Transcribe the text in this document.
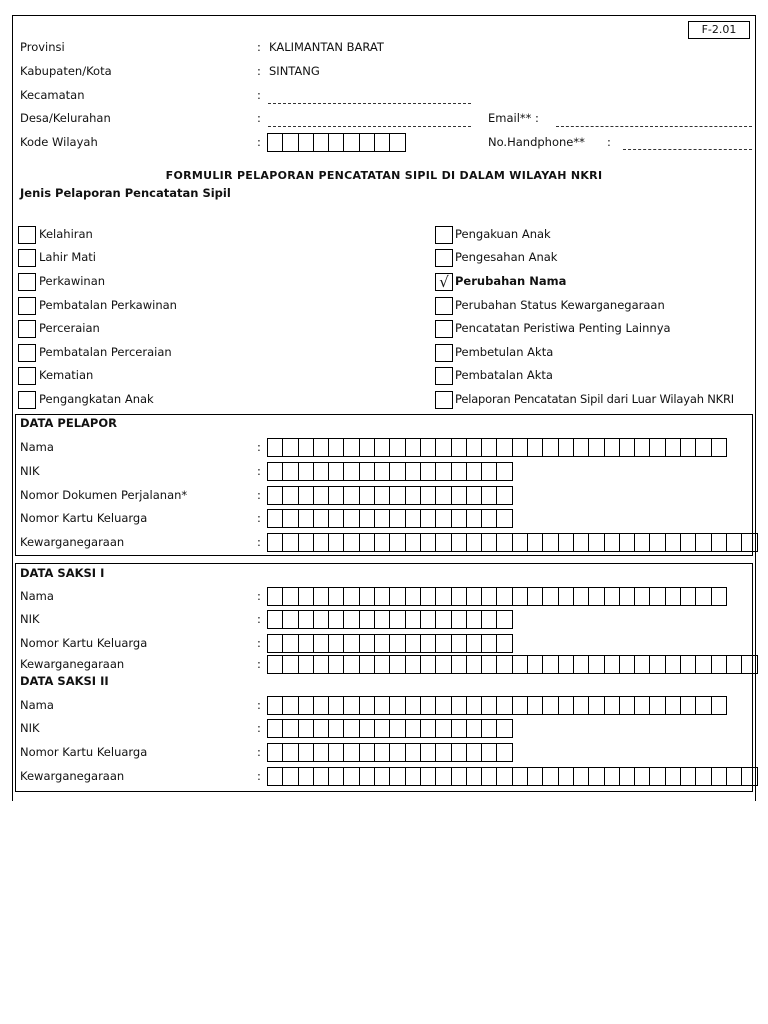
F-2.01
Provinsi	: KALIMANTAN BARAT
Kabupaten/Kota	: SINTANG
Kecamatan	:
Desa/Kelurahan	:	Email** :
Kode Wilayah	:	No.Handphone** :
FORMULIR PELAPORAN PENCATATAN SIPIL DI DALAM WILAYAH NKRI
Jenis Pelaporan Pencatatan Sipil
Kelahiran
Lahir Mati
Perkawinan
Pembatalan Perkawinan
Perceraian
Pembatalan Perceraian
Kematian
Pengangkatan Anak
Pengakuan Anak
Pengesahan Anak
√ Perubahan Nama
Perubahan Status Kewarganegaraan
Pencatatan Peristiwa Penting Lainnya
Pembetulan Akta
Pembatalan Akta
Pelaporan Pencatatan Sipil dari Luar Wilayah NKRI
DATA PELAPOR
Nama	:
NIK	:
Nomor Dokumen Perjalanan*	:
Nomor Kartu Keluarga	:
Kewarganegaraan	:
DATA SAKSI I
Nama	:
NIK	:
Nomor Kartu Keluarga	:
Kewarganegaraan	:
DATA SAKSI II
Nama	:
NIK	:
Nomor Kartu Keluarga	:
Kewarganegaraan	:
